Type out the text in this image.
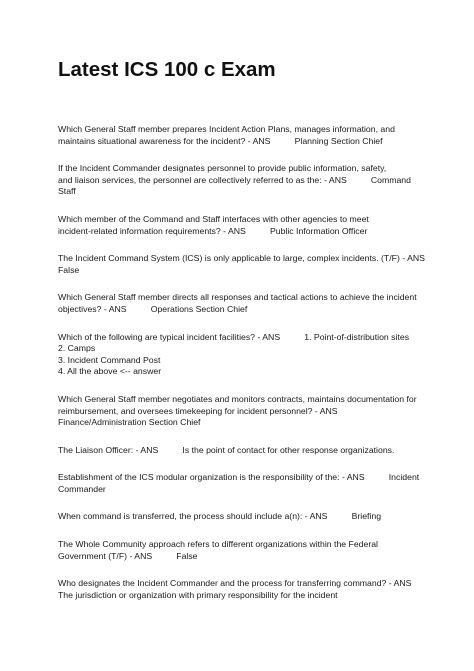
Latest ICS 100 c Exam
Which General Staff member prepares Incident Action Plans, manages information, and
maintains situational awareness for the incident? - ANS          Planning Section Chief
If the Incident Commander designates personnel to provide public information, safety,
and liaison services, the personnel are collectively referred to as the: - ANS          Command
Staff
Which member of the Command and Staff interfaces with other agencies to meet
incident-related information requirements? - ANS          Public Information Officer
The Incident Command System (ICS) is only applicable to large, complex incidents. (T/F) - ANS
False
Which General Staff member directs all responses and tactical actions to achieve the incident
objectives? - ANS          Operations Section Chief
Which of the following are typical incident facilities? - ANS          1. Point-of-distribution sites
2. Camps
3. Incident Command Post
4. All the above <-- answer
Which General Staff member negotiates and monitors contracts, maintains documentation for
reimbursement, and oversees timekeeping for incident personnel? - ANS
Finance/Administration Section Chief
The Liaison Officer: - ANS          Is the point of contact for other response organizations.
Establishment of the ICS modular organization is the responsibility of the: - ANS          Incident
Commander
When command is transferred, the process should include a(n): - ANS          Briefing
The Whole Community approach refers to different organizations within the Federal
Government (T/F) - ANS          False
Who designates the Incident Commander and the process for transferring command? - ANS
The jurisdiction or organization with primary responsibility for the incident
